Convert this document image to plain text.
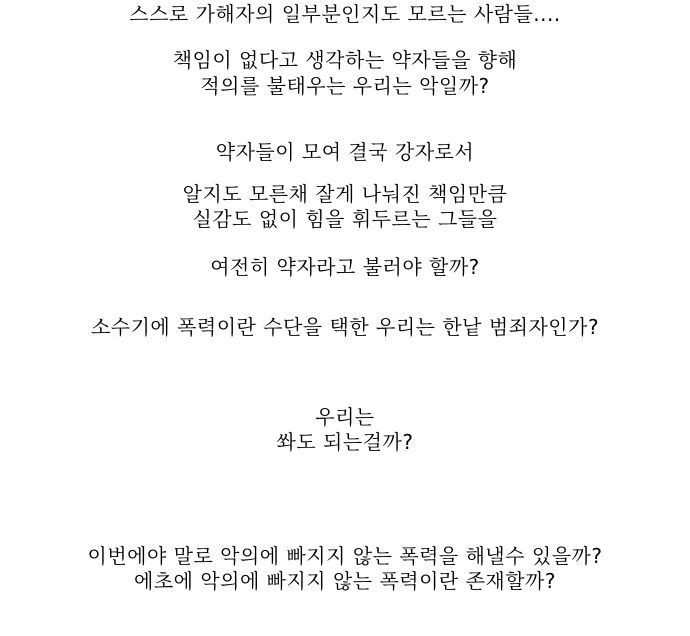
스스로 가해자의 일부분인지도 모르는 사람들....
책임이 없다고 생각하는 약자들을 향해
적의를 불태우는 우리는 악일까?
약자들이 모여 결국 강자로서
알지도 모른채 잘게 나눠진 책임만큼
실감도 없이 힘을 휘두르는 그들을
여전히 약자라고 불러야 할까?
소수기에 폭력이란 수단을 택한 우리는 한낱 범죄자인가?
우리는
쏴도 되는걸까?
이번에야 말로 악의에 빠지지 않는 폭력을 해낼수 있을까?
에초에 악의에 빠지지 않는 폭력이란 존재할까?
